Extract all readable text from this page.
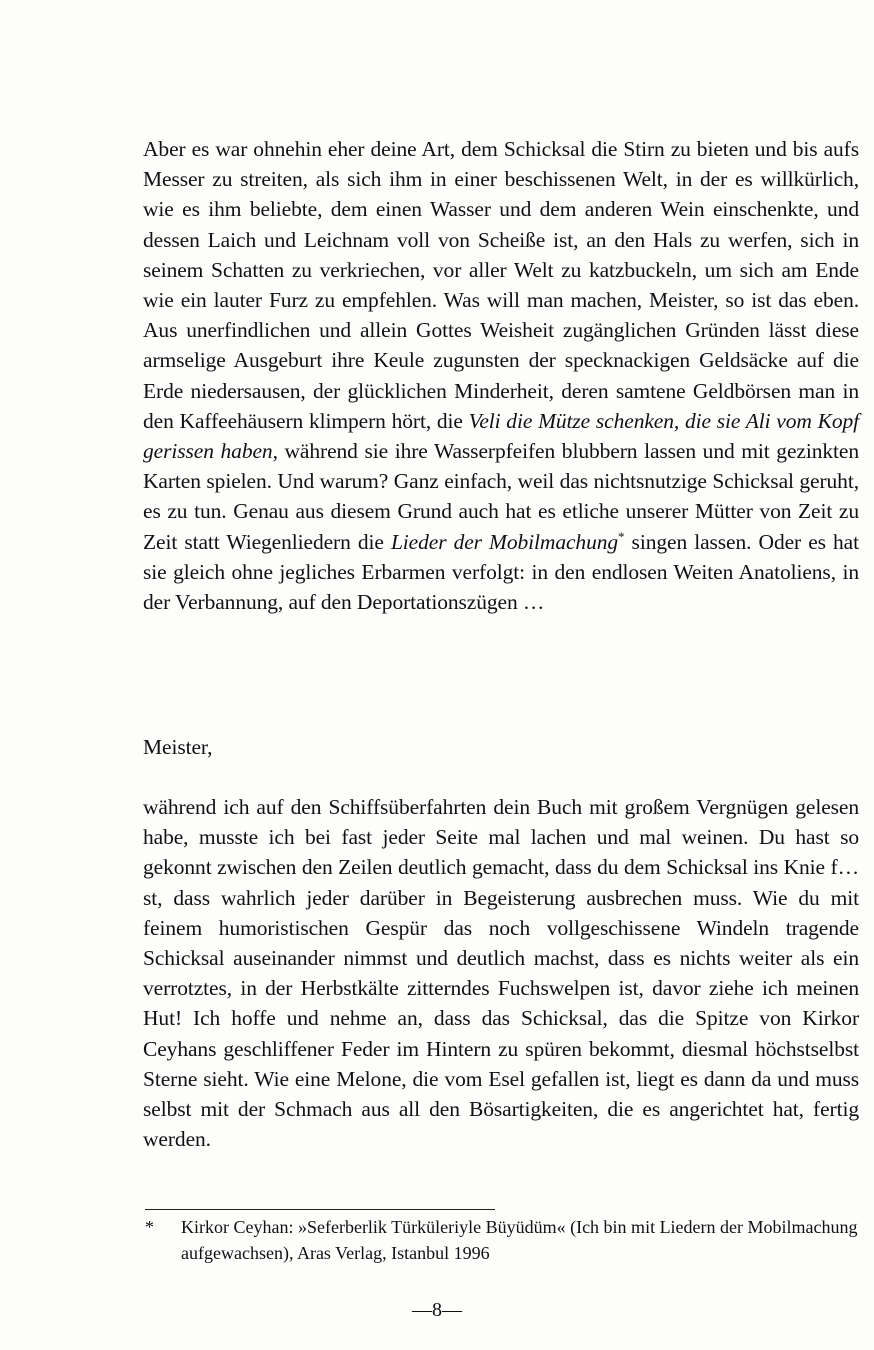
Aber es war ohnehin eher deine Art, dem Schicksal die Stirn zu bieten und bis aufs Messer zu streiten, als sich ihm in einer beschissenen Welt, in der es willkürlich, wie es ihm beliebte, dem einen Wasser und dem anderen Wein einschenkte, und dessen Laich und Leichnam voll von Scheiße ist, an den Hals zu werfen, sich in seinem Schatten zu verkriechen, vor aller Welt zu katzbuckeln, um sich am Ende wie ein lauter Furz zu empfehlen. Was will man machen, Meister, so ist das eben. Aus unerfindlichen und allein Gottes Weisheit zugänglichen Gründen lässt diese armselige Ausgeburt ihre Keule zugunsten der specknackigen Geldsäcke auf die Erde niedersausen, der glücklichen Minderheit, deren samtene Geldbörsen man in den Kaffeehäusern klimpern hört, die Veli die Mütze schenken, die sie Ali vom Kopf gerissen haben, während sie ihre Wasserpfeifen blubbern lassen und mit gezinkten Karten spielen. Und warum? Ganz einfach, weil das nichtsnutzige Schicksal geruht, es zu tun. Genau aus diesem Grund auch hat es etliche unserer Mütter von Zeit zu Zeit statt Wiegenliedern die Lieder der Mobilmachung* singen lassen. Oder es hat sie gleich ohne jegliches Erbarmen verfolgt: in den endlosen Weiten Anatoliens, in der Verbannung, auf den Deportationszügen …

Meister,

während ich auf den Schiffsüberfahrten dein Buch mit großem Vergnügen gelesen habe, musste ich bei fast jeder Seite mal lachen und mal weinen. Du hast so gekonnt zwischen den Zeilen deutlich gemacht, dass du dem Schicksal ins Knie f… st, dass wahrlich jeder darüber in Begeisterung ausbrechen muss. Wie du mit feinem humoristischen Gespür das noch vollgeschissene Windeln tragende Schicksal auseinander nimmst und deutlich machst, dass es nichts weiter als ein verrotztes, in der Herbstkälte zitterndes Fuchswelpen ist, davor ziehe ich meinen Hut! Ich hoffe und nehme an, dass das Schicksal, das die Spitze von Kirkor Ceyhans geschliffener Feder im Hintern zu spüren bekommt, diesmal höchstselbst Sterne sieht. Wie eine Melone, die vom Esel gefallen ist, liegt es dann da und muss selbst mit der Schmach aus all den Bösartigkeiten, die es angerichtet hat, fertig werden.

* Kirkor Ceyhan: »Seferberlik Türküleriyle Büyüdüm« (Ich bin mit Liedern der Mobilmachung aufgewachsen), Aras Verlag, Istanbul 1996
—8—
